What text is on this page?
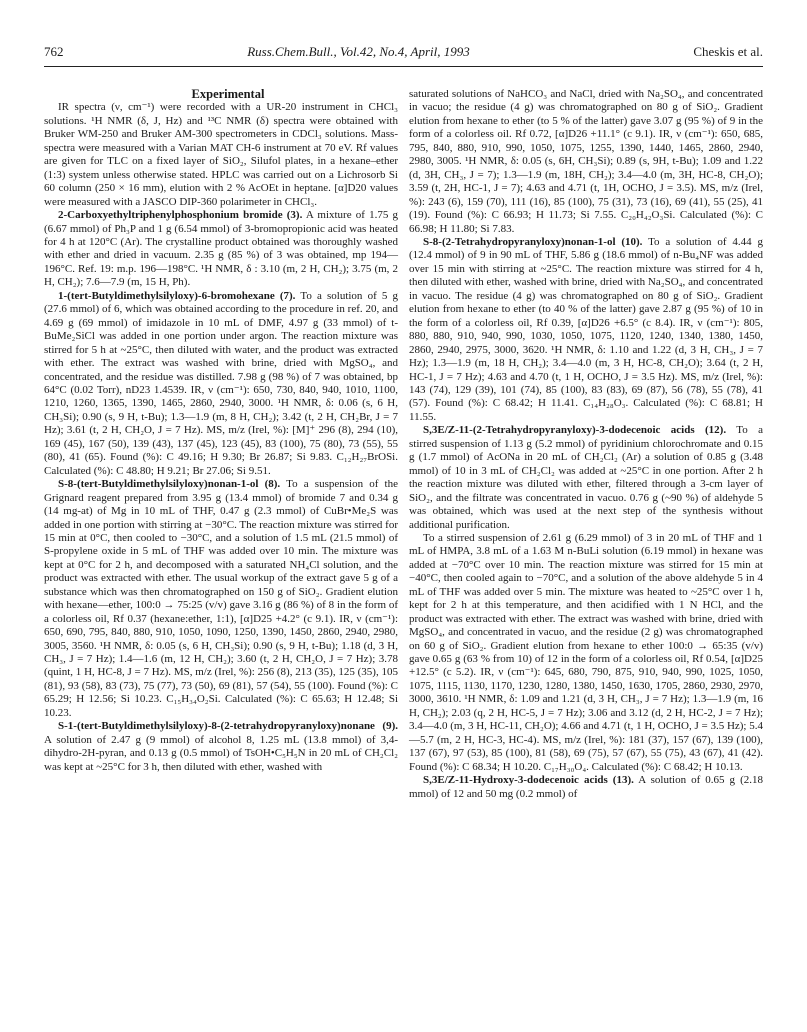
762	Russ.Chem.Bull., Vol.42, No.4, April, 1993	Cheskis et al.

Experimental

IR spectra (ν, cm⁻¹) were recorded with a UR-20 instrument in CHCl₃ solutions. ¹H NMR (δ, J, Hz) and ¹³C NMR (δ) spectra were obtained with Bruker WM-250 and Bruker AM-300 spectrometers in CDCl₃ solutions. Mass-spectra were measured with a Varian MAT CH-6 instrument at 70 eV. Rf values are given for TLC on a fixed layer of SiO₂, Silufol plates, in a hexane–ether (1:3) system unless otherwise stated. HPLC was carried out on a Lichrosorb Si 60 column (250 × 16 mm), elution with 2 % AcOEt in heptane. [α]D20 values were measured with a JASCO DIP-360 polarimeter in CHCl₃.

2-Carboxyethyltriphenylphosphonium bromide (3). A mixture of 1.75 g (6.67 mmol) of Ph₃P and 1 g (6.54 mmol) of 3-bromopropionic acid was heated for 4 h at 120°C (Ar). The crystalline product obtained was thoroughly washed with ether and dried in vacuum. 2.35 g (85 %) of 3 was obtained, mp 194—196°C. Ref. 19: m.p. 196—198°C. ¹H NMR, δ : 3.10 (m, 2 H, CH₂); 3.75 (m, 2 H, CH₂); 7.6—7.9 (m, 15 H, Ph).

1-(tert-Butyldimethylsilyloxy)-6-bromohexane (7). To a solution of 5 g (27.6 mmol) of 6, which was obtained according to the procedure in ref. 20, and 4.69 g (69 mmol) of imidazole in 10 mL of DMF, 4.97 g (33 mmol) of t-BuMe₂SiCl was added in one portion under argon. The reaction mixture was stirred for 5 h at ~25°C, then diluted with water, and the product was extracted with ether. The extract was washed with brine, dried with MgSO₄, and concentrated, and the residue was distilled. 7.98 g (98 %) of 7 was obtained, bp 64°C (0.02 Torr), nD23 1.4539. IR, ν (cm⁻¹): 650, 730, 840, 940, 1010, 1100, 1210, 1260, 1365, 1390, 1465, 2860, 2940, 3000. ¹H NMR, δ: 0.06 (s, 6 H, CH₃Si); 0.90 (s, 9 H, t-Bu); 1.3—1.9 (m, 8 H, CH₂); 3.42 (t, 2 H, CH₂Br, J = 7 Hz); 3.61 (t, 2 H, CH₂O, J = 7 Hz). MS, m/z (Irel, %): [M]⁺ 296 (8), 294 (10), 169 (45), 167 (50), 139 (43), 137 (45), 123 (45), 83 (100), 75 (80), 73 (55), 55 (80), 41 (65). Found (%): C 49.16; H 9.30; Br 26.87; Si 9.83. C₁₂H₂₇BrOSi. Calculated (%): C 48.80; H 9.21; Br 27.06; Si 9.51.

S-8-(tert-Butyldimethylsilyloxy)nonan-1-ol (8). To a suspension of the Grignard reagent prepared from 3.95 g (13.4 mmol) of bromide 7 and 0.34 g (14 mg-at) of Mg in 10 mL of THF, 0.47 g (2.3 mmol) of CuBr•Me₂S was added in one portion with stirring at −30°C. The reaction mixture was stirred for 15 min at 0°C, then cooled to −30°C, and a solution of 1.5 mL (21.5 mmol) of S-propylene oxide in 5 mL of THF was added over 10 min. The mixture was kept at 0°C for 2 h, and decomposed with a saturated NH₄Cl solution, and the product was extracted with ether. The usual workup of the extract gave 5 g of a substance which was then chromatographed on 150 g of SiO₂. Gradient elution with hexane—ether, 100:0 → 75:25 (v/v) gave 3.16 g (86 %) of 8 in the form of a colorless oil, Rf 0.37 (hexane:ether, 1:1), [α]D25 +4.2° (c 9.1). IR, ν (cm⁻¹): 650, 690, 795, 840, 880, 910, 1050, 1090, 1250, 1390, 1450, 2860, 2940, 2980, 3005, 3560. ¹H NMR, δ: 0.05 (s, 6 H, CH₃Si); 0.90 (s, 9 H, t-Bu); 1.18 (d, 3 H, CH₃, J = 7 Hz); 1.4—1.6 (m, 12 H, CH₂); 3.60 (t, 2 H, CH₂O, J = 7 Hz); 3.78 (quint, 1 H, HC-8, J = 7 Hz). MS, m/z (Irel, %): 256 (8), 213 (35), 125 (35), 105 (81), 93 (58), 83 (73), 75 (77), 73 (50), 69 (81), 57 (54), 55 (100). Found (%): C 65.29; H 12.56; Si 10.23. C₁₅H₃₄O₂Si. Calculated (%): C 65.63; H 12.48; Si 10.23.

S-1-(tert-Butyldimethylsilyloxy)-8-(2-tetrahydropyranyloxy)nonane (9). A solution of 2.47 g (9 mmol) of alcohol 8, 1.25 mL (13.8 mmol) of 3,4-dihydro-2H-pyran, and 0.13 g (0.5 mmol) of TsOH•C₅H₅N in 20 mL of CH₂Cl₂ was kept at ~25°C for 3 h, then diluted with ether, washed with

saturated solutions of NaHCO₃ and NaCl, dried with Na₂SO₄, and concentrated in vacuo; the residue (4 g) was chromatographed on 80 g of SiO₂. Gradient elution from hexane to ether (to 5 % of the latter) gave 3.07 g (95 %) of 9 in the form of a colorless oil. Rf 0.72, [α]D26 +11.1° (c 9.1). IR, ν (cm⁻¹): 650, 685, 795, 840, 880, 910, 990, 1050, 1075, 1255, 1390, 1440, 1465, 2860, 2940, 2980, 3005. ¹H NMR, δ: 0.05 (s, 6H, CH₃Si); 0.89 (s, 9H, t-Bu); 1.09 and 1.22 (d, 3H, CH₃, J = 7); 1.3—1.9 (m, 18H, CH₂); 3.4—4.0 (m, 3H, HC-8, CH₂O); 3.59 (t, 2H, HC-1, J = 7); 4.63 and 4.71 (t, 1H, OCHO, J = 3.5). MS, m/z (Irel, %): 243 (6), 159 (70), 111 (16), 85 (100), 75 (31), 73 (16), 69 (41), 55 (25), 41 (19). Found (%): C 66.93; H 11.73; Si 7.55. C₂₀H₄₂O₃Si. Calculated (%): C 66.98; H 11.80; Si 7.83.

S-8-(2-Tetrahydropyranyloxy)nonan-1-ol (10). To a solution of 4.44 g (12.4 mmol) of 9 in 90 mL of THF, 5.86 g (18.6 mmol) of n-Bu₄NF was added over 15 min with stirring at ~25°C. The reaction mixture was stirred for 4 h, then diluted with ether, washed with brine, dried with Na₂SO₄, and concentrated in vacuo. The residue (4 g) was chromatographed on 80 g of SiO₂. Gradient elution from hexane to ether (to 40 % of the latter) gave 2.87 g (95 %) of 10 in the form of a colorless oil, Rf 0.39, [α]D26 +6.5° (c 8.4). IR, ν (cm⁻¹): 805, 880, 880, 910, 940, 990, 1030, 1050, 1075, 1120, 1240, 1340, 1380, 1450, 2860, 2940, 2975, 3000, 3620. ¹H NMR, δ: 1.10 and 1.22 (d, 3 H, CH₃, J = 7 Hz); 1.3—1.9 (m, 18 H, CH₂); 3.4—4.0 (m, 3 H, HC-8, CH₂O); 3.64 (t, 2 H, HC-1, J = 7 Hz); 4.63 and 4.70 (t, 1 H, OCHO, J = 3.5 Hz). MS, m/z (Irel, %): 143 (74), 129 (39), 101 (74), 85 (100), 83 (83), 69 (87), 56 (78), 55 (78), 41 (57). Found (%): C 68.42; H 11.41. C₁₄H₂₈O₃. Calculated (%): C 68.81; H 11.55.

S,3E/Z-11-(2-Tetrahydropyranyloxy)-3-dodecenoic acids (12). To a stirred suspension of 1.13 g (5.2 mmol) of pyridinium chlorochromate and 0.15 g (1.7 mmol) of AcONa in 20 mL of CH₂Cl₂ (Ar) a solution of 0.85 g (3.48 mmol) of 10 in 3 mL of CH₂Cl₂ was added at ~25°C in one portion. After 2 h the reaction mixture was diluted with ether, filtered through a 3-cm layer of SiO₂, and the filtrate was concentrated in vacuo. 0.76 g (~90 %) of aldehyde 5 was obtained, which was used at the next step of the synthesis without additional purification.

To a stirred suspension of 2.61 g (6.29 mmol) of 3 in 20 mL of THF and 1 mL of HMPA, 3.8 mL of a 1.63 M n-BuLi solution (6.19 mmol) in hexane was added at −70°C over 10 min. The reaction mixture was stirred for 15 min at −40°C, then cooled again to −70°C, and a solution of the above aldehyde 5 in 4 mL of THF was added over 5 min. The mixture was heated to ~25°C over 1 h, kept for 2 h at this temperature, and then acidified with 1 N HCl, and the product was extracted with ether. The extract was washed with brine, dried with MgSO₄, and concentrated in vacuo, and the residue (2 g) was chromatographed on 60 g of SiO₂. Gradient elution from hexane to ether 100:0 → 65:35 (v/v) gave 0.65 g (63 % from 10) of 12 in the form of a colorless oil, Rf 0.54, [α]D25 +12.5° (c 5.2). IR, ν (cm⁻¹): 645, 680, 790, 875, 910, 940, 990, 1025, 1050, 1075, 1115, 1130, 1170, 1230, 1280, 1380, 1450, 1630, 1705, 2860, 2930, 2970, 3000, 3610. ¹H NMR, δ: 1.09 and 1.21 (d, 3 H, CH₃, J = 7 Hz); 1.3—1.9 (m, 16 H, CH₂); 2.03 (q, 2 H, HC-5, J = 7 Hz); 3.06 and 3.12 (d, 2 H, HC-2, J = 7 Hz); 3.4—4.0 (m, 3 H, HC-11, CH₂O); 4.66 and 4.71 (t, 1 H, OCHO, J = 3.5 Hz); 5.4—5.7 (m, 2 H, HC-3, HC-4). MS, m/z (Irel, %): 181 (37), 157 (67), 139 (100), 137 (67), 97 (53), 85 (100), 81 (58), 69 (75), 57 (67), 55 (75), 43 (67), 41 (42). Found (%): C 68.34; H 10.20. C₁₇H₃₀O₄. Calculated (%): C 68.42; H 10.13.

S,3E/Z-11-Hydroxy-3-dodecenoic acids (13). A solution of 0.65 g (2.18 mmol) of 12 and 50 mg (0.2 mmol) of
